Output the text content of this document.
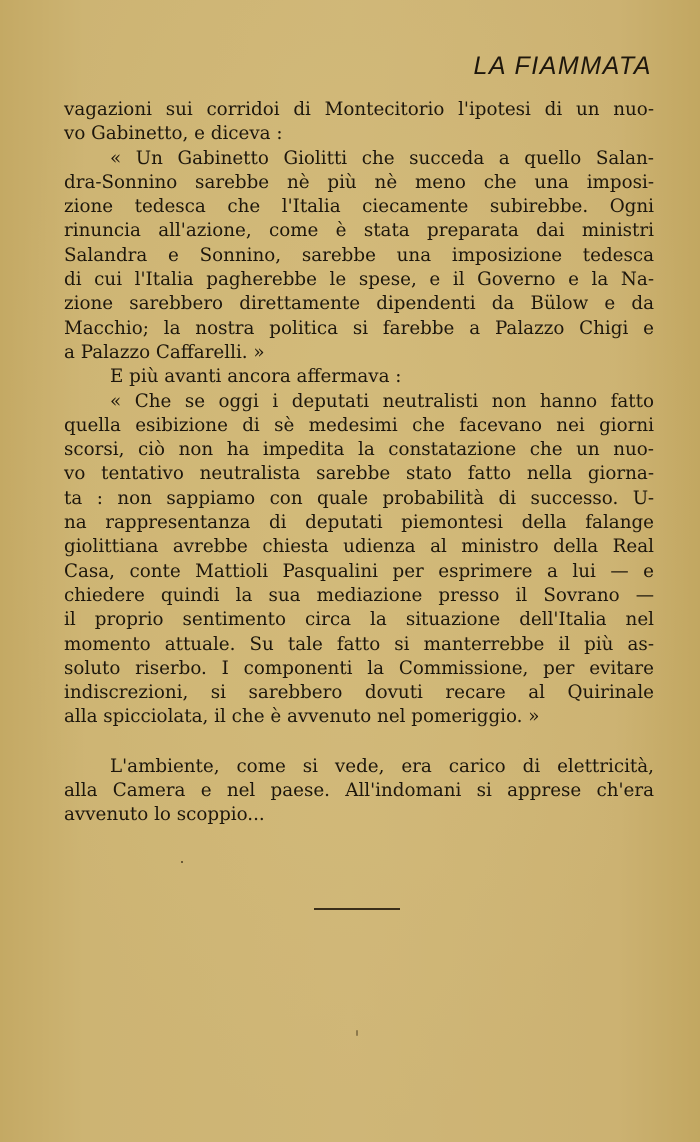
LA FIAMMATA
vagazioni sui corridoi di Montecitorio l'ipotesi di un nuo-
vo Gabinetto, e diceva :
« Un Gabinetto Giolitti che succeda a quello Salan-
dra-Sonnino sarebbe nè più nè meno che una imposi-
zione tedesca che l'Italia ciecamente subirebbe. Ogni
rinuncia all'azione, come è stata preparata dai ministri
Salandra e Sonnino, sarebbe una imposizione tedesca
di cui l'Italia pagherebbe le spese, e il Governo e la Na-
zione sarebbero direttamente dipendenti da Bülow e da
Macchio; la nostra politica si farebbe a Palazzo Chigi e
a Palazzo Caffarelli. »
E più avanti ancora affermava :
« Che se oggi i deputati neutralisti non hanno fatto
quella esibizione di sè medesimi che facevano nei giorni
scorsi, ciò non ha impedita la constatazione che un nuo-
vo tentativo neutralista sarebbe stato fatto nella giorna-
ta : non sappiamo con quale probabilità di successo. U-
na rappresentanza di deputati piemontesi della falange
giolittiana avrebbe chiesta udienza al ministro della Real
Casa, conte Mattioli Pasqualini per esprimere a lui — e
chiedere quindi la sua mediazione presso il Sovrano —
il proprio sentimento circa la situazione dell'Italia nel
momento attuale. Su tale fatto si manterrebbe il più as-
soluto riserbo. I componenti la Commissione, per evitare
indiscrezioni, si sarebbero dovuti recare al Quirinale
alla spicciolata, il che è avvenuto nel pomeriggio. »
L'ambiente, come si vede, era carico di elettricità,
alla Camera e nel paese. All'indomani si apprese ch'era
avvenuto lo scoppio...
